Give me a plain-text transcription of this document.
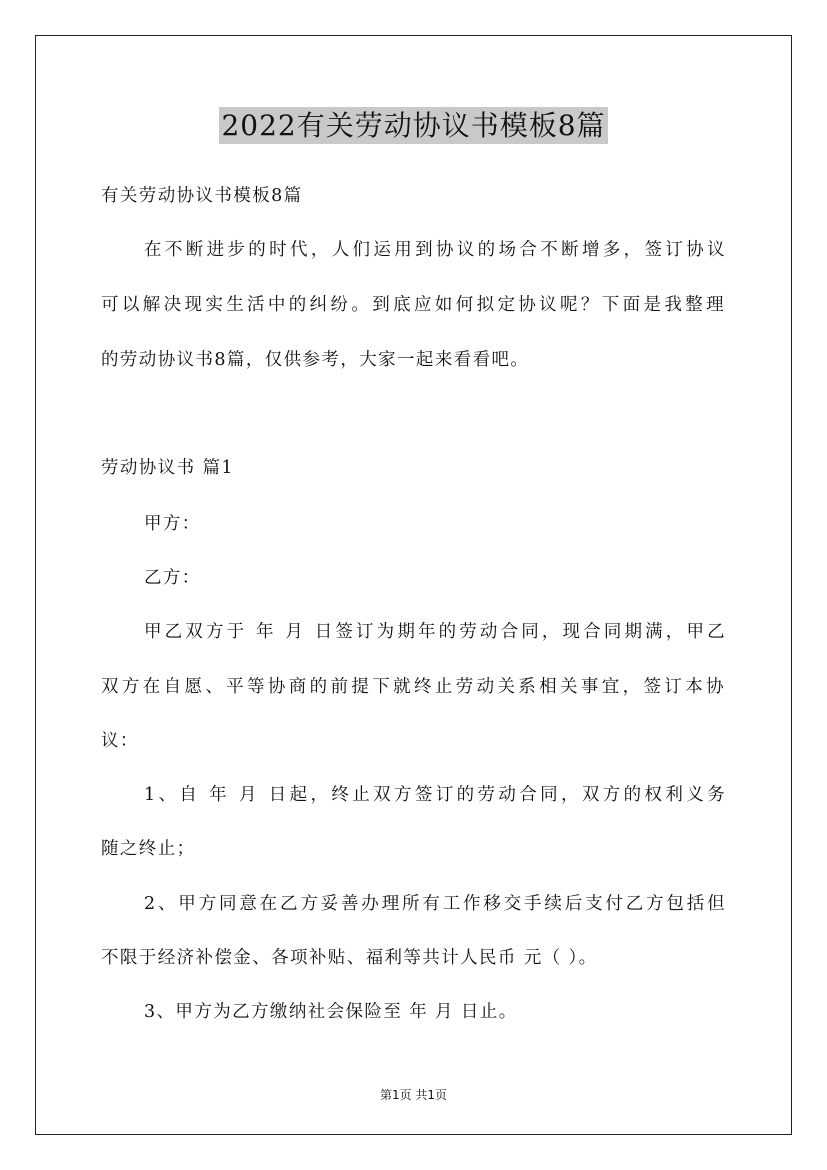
2022有关劳动协议书模板8篇
有关劳动协议书模板8篇
在不断进步的时代，人们运用到协议的场合不断增多，签订协议
可以解决现实生活中的纠纷。到底应如何拟定协议呢？下面是我整理
的劳动协议书8篇，仅供参考，大家一起来看看吧。
劳动协议书 篇1
甲方：
乙方：
甲乙双方于 年 月 日签订为期年的劳动合同，现合同期满，甲乙
双方在自愿、平等协商的前提下就终止劳动关系相关事宜，签订本协
议：
1、自 年 月 日起，终止双方签订的劳动合同，双方的权利义务
随之终止；
2、甲方同意在乙方妥善办理所有工作移交手续后支付乙方包括但
不限于经济补偿金、各项补贴、福利等共计人民币 元（ ）。
3、甲方为乙方缴纳社会保险至 年 月 日止。
第1页 共1页
